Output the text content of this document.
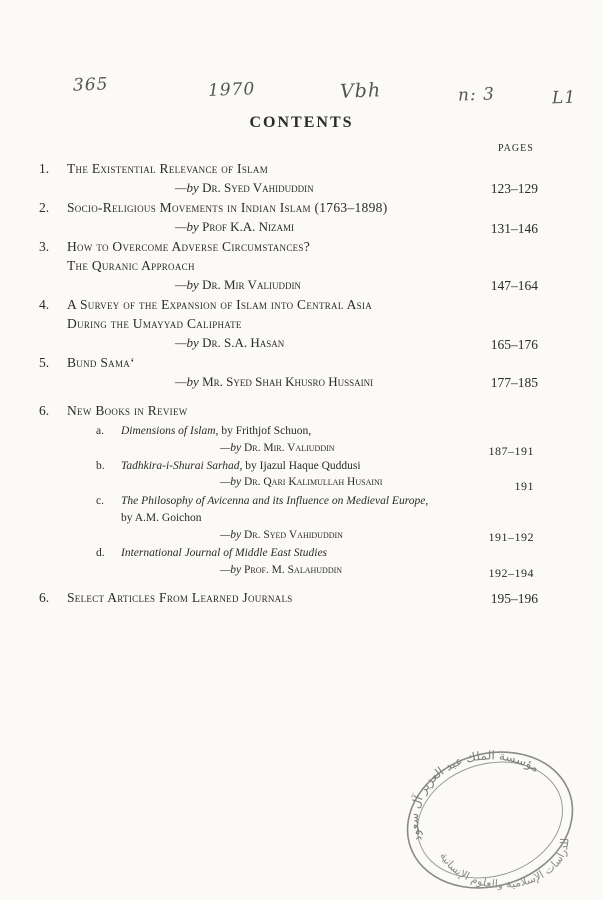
365	1970	Vbh	n: 3	L1
CONTENTS
PAGES
1. The Existential Relevance of Islam
—by Dr. Syed Vahiduddin	123–129
2. Socio-Religious Movements in Indian Islam (1763–1898)
—by Prof K.A. Nizami	131–146
3. How to Overcome Adverse Circumstances?
The Quranic Approach
—by Dr. Mir Valiuddin	147–164
4. A Survey of the Expansion of Islam into Central Asia
During the Umayyad Caliphate
—by Dr. S.A. Hasan	165–176
5. Bund Sama‘
—by Mr. Syed Shah Khusro Hussaini	177–185
6. New Books in Review
a. Dimensions of Islam, by Frithjof Schuon,
—by Dr. Mir. Valiuddin	187–191
b. Tadhkira-i-Shurai Sarhad, by Ijazul Haque Quddusi
—by Dr. Qari Kalimullah Husaini	191
c. The Philosophy of Avicenna and its Influence on Medieval Europe,
by A.M. Goichon
—by Dr. Syed Vahiduddin	191–192
d. International Journal of Middle East Studies
—by Prof. M. Salahuddin	192–194
6. Select Articles From Learned Journals	195–196
مؤسسة الملك عبد العزيز آل سعود
للدراسات الإسلامية والعلوم الإنسانية
